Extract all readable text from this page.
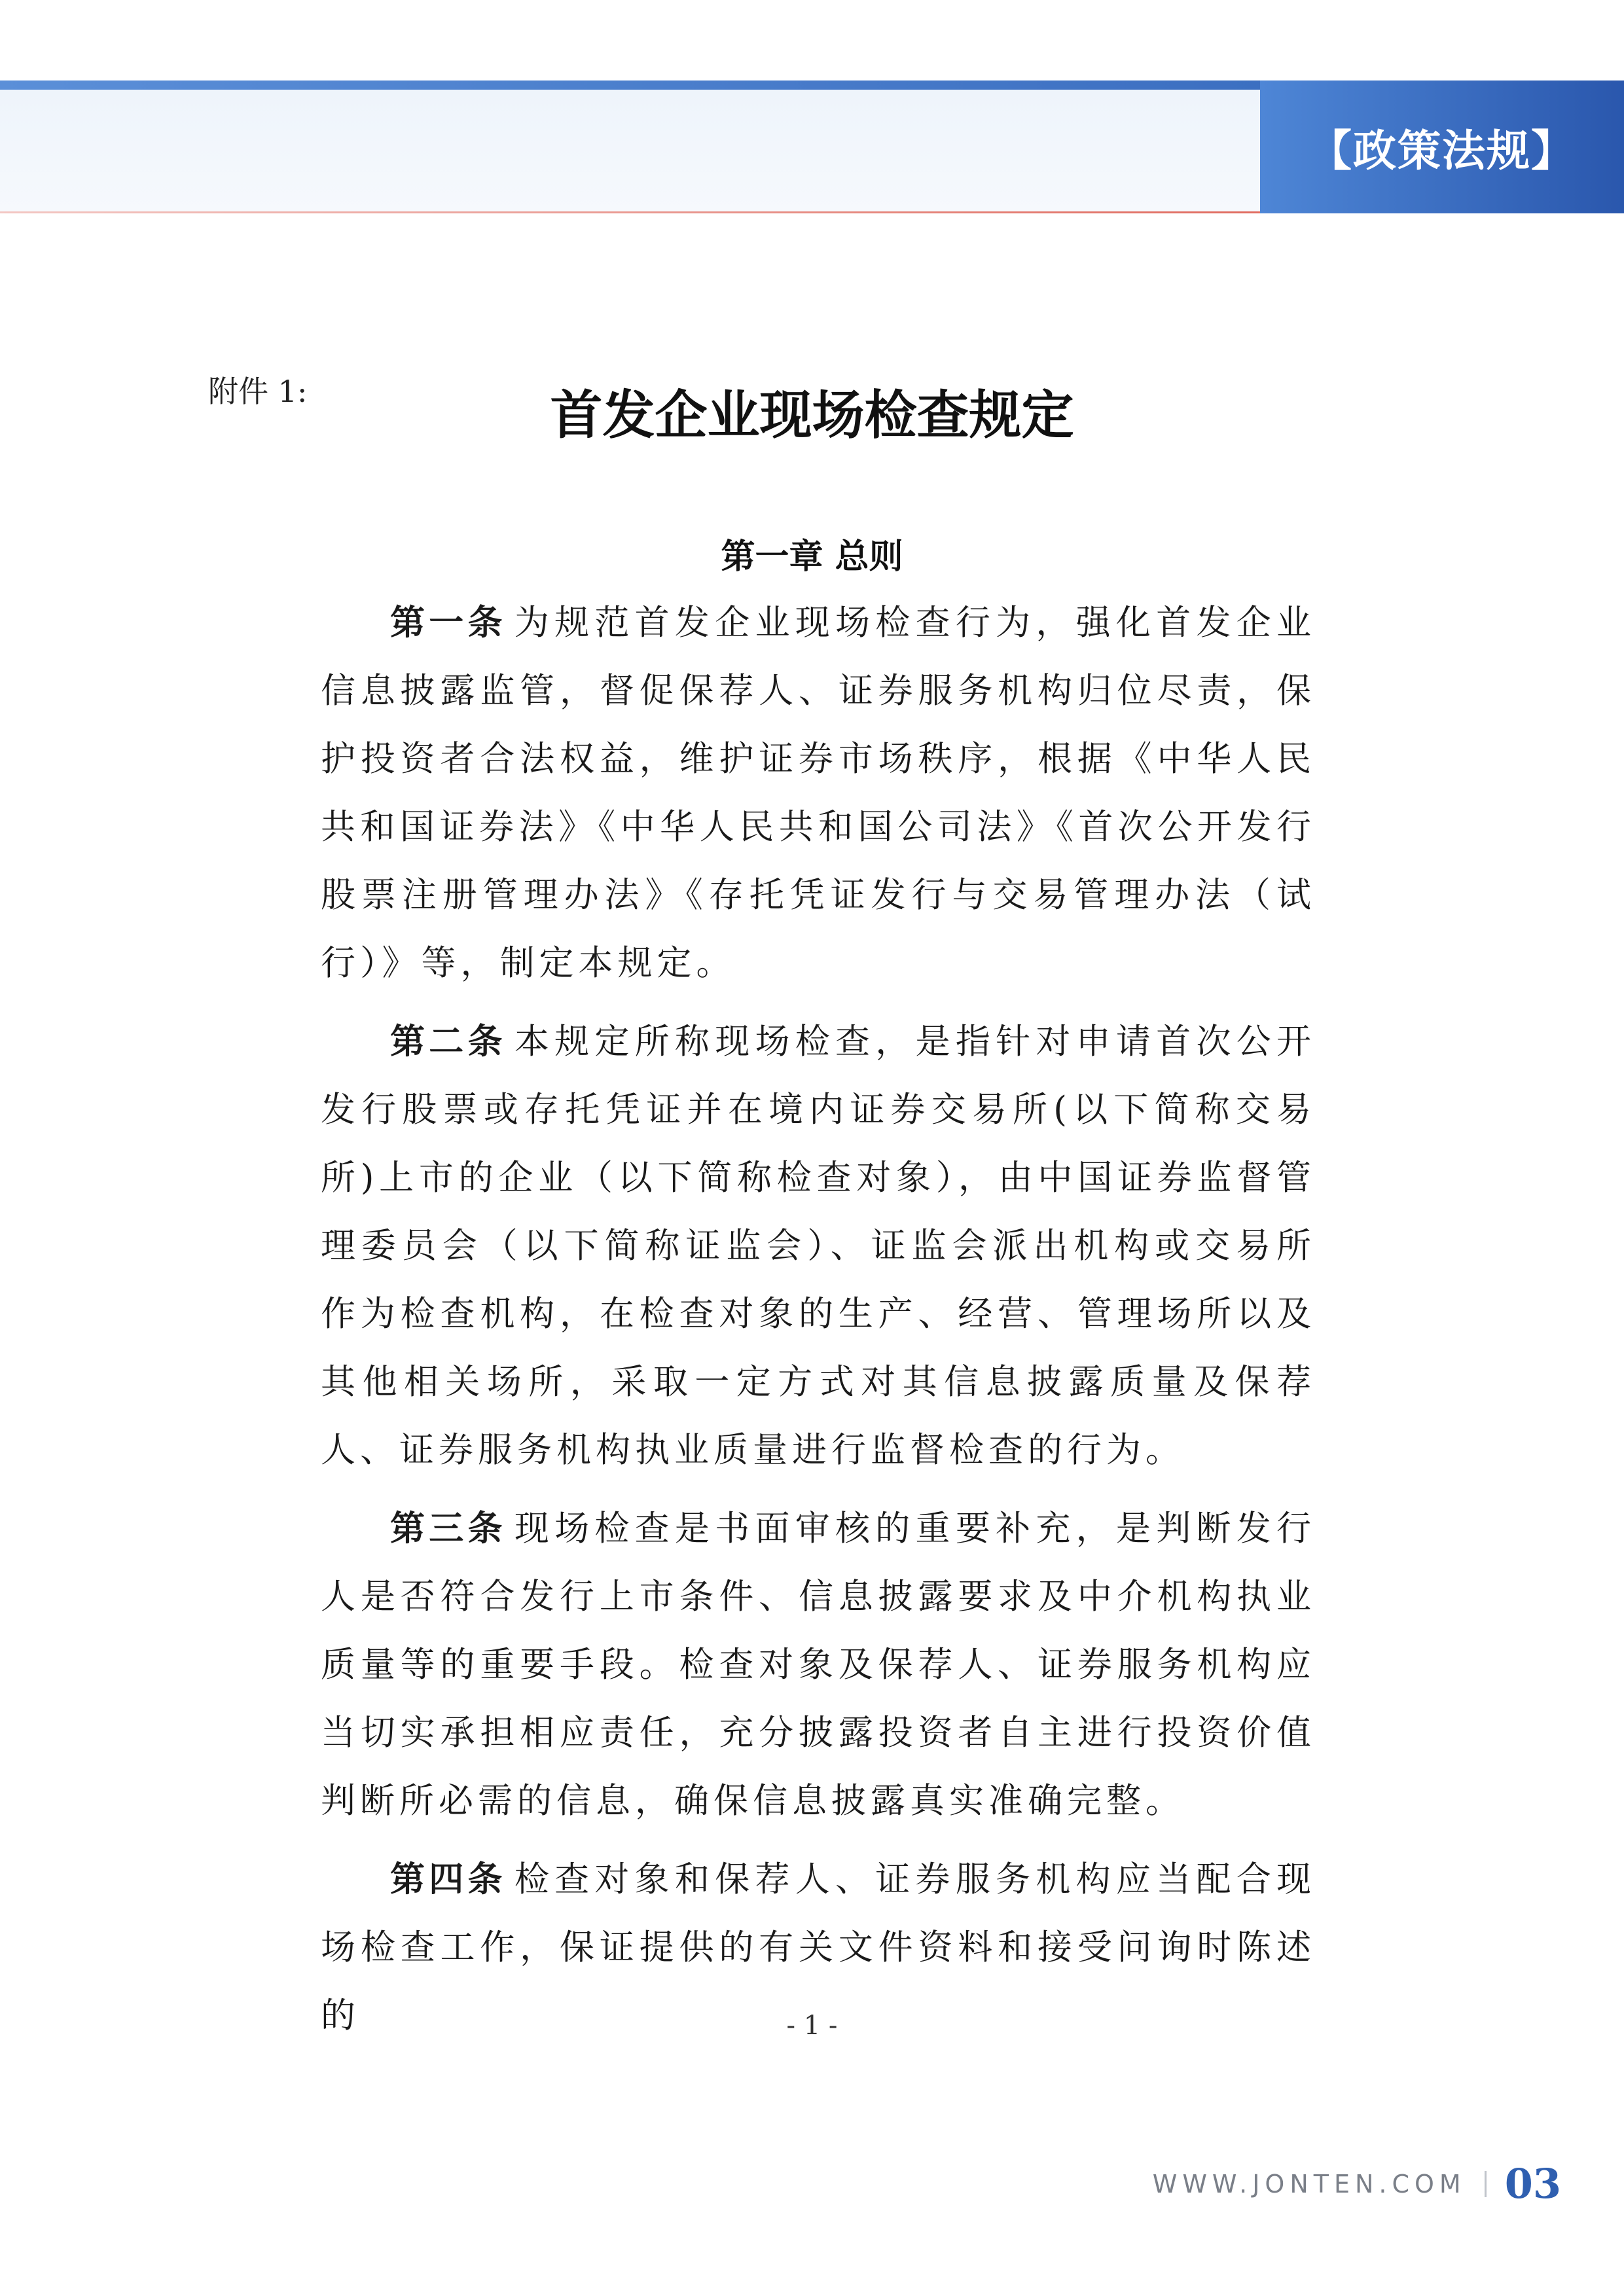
【政策法规】
附件 1:	首发企业现场检查规定
第一章 总则

第一条 为规范首发企业现场检查行为，强化首发企业信息披露监管，督促保荐人、证券服务机构归位尽责，保护投资者合法权益，维护证券市场秩序，根据《中华人民共和国证券法》《中华人民共和国公司法》《首次公开发行股票注册管理办法》《存托凭证发行与交易管理办法（试行）》等，制定本规定。

第二条 本规定所称现场检查，是指针对申请首次公开发行股票或存托凭证并在境内证券交易所(以下简称交易所)上市的企业（以下简称检查对象），由中国证券监督管理委员会（以下简称证监会）、证监会派出机构或交易所作为检查机构，在检查对象的生产、经营、管理场所以及其他相关场所，采取一定方式对其信息披露质量及保荐人、证券服务机构执业质量进行监督检查的行为。

第三条 现场检查是书面审核的重要补充，是判断发行人是否符合发行上市条件、信息披露要求及中介机构执业质量等的重要手段。检查对象及保荐人、证券服务机构应当切实承担相应责任，充分披露投资者自主进行投资价值判断所必需的信息，确保信息披露真实准确完整。

第四条 检查对象和保荐人、证券服务机构应当配合现场检查工作，保证提供的有关文件资料和接受问询时陈述的	- 1 -
WWW.JONTEN.COM 03
